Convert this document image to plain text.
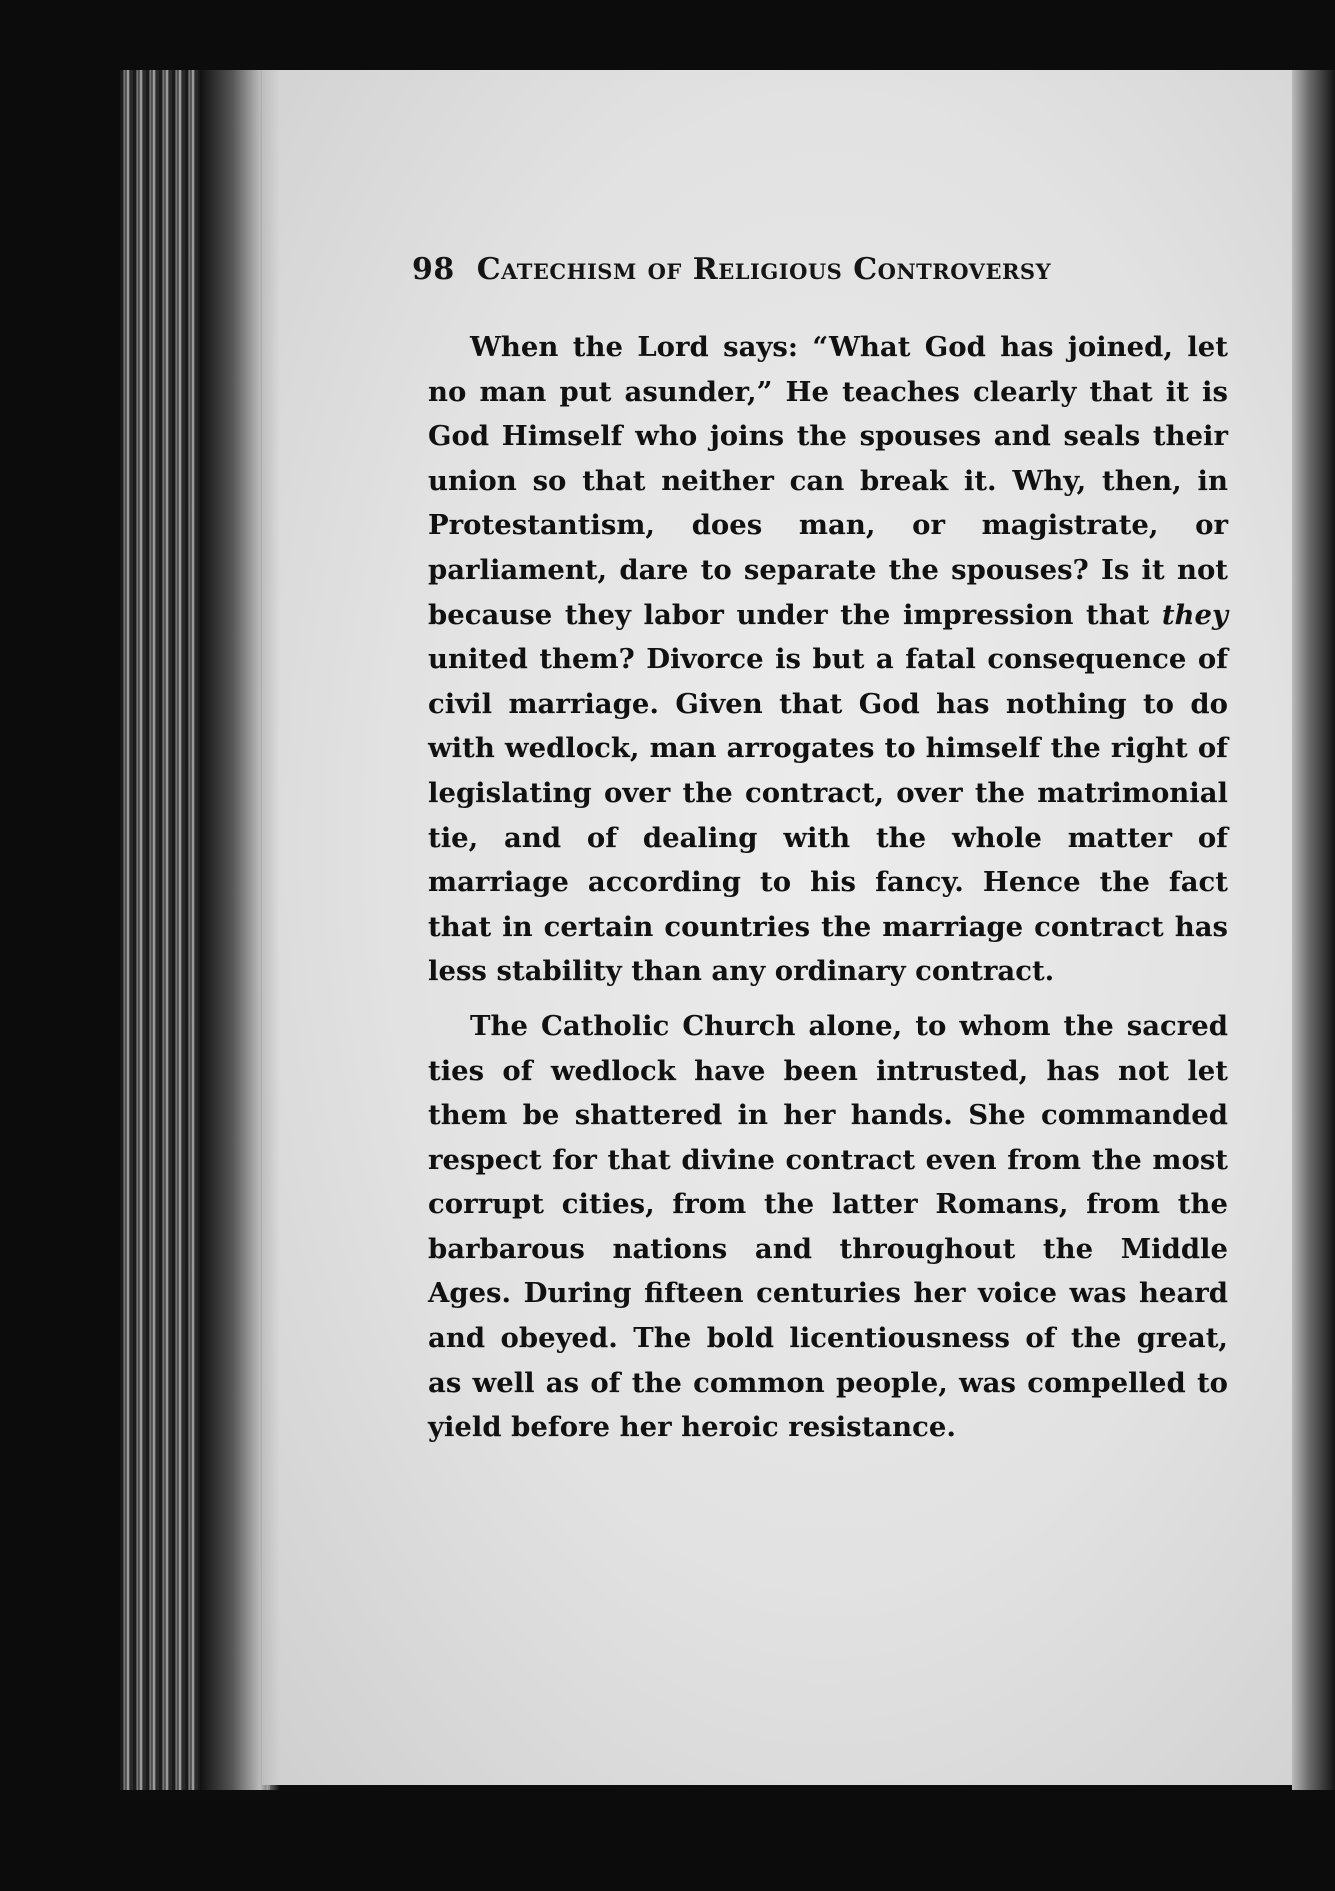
98 Catechism of Religious Controversy

When the Lord says: “What God has joined, let no man put asunder,” He teaches clearly that it is God Himself who joins the spouses and seals their union so that neither can break it. Why, then, in Protestantism, does man, or magistrate, or parliament, dare to separate the spouses? Is it not because they labor under the impression that they united them? Divorce is but a fatal consequence of civil marriage. Given that God has nothing to do with wedlock, man arrogates to himself the right of legislating over the contract, over the matrimonial tie, and of dealing with the whole matter of marriage according to his fancy. Hence the fact that in certain countries the marriage contract has less stability than any ordinary contract.

The Catholic Church alone, to whom the sacred ties of wedlock have been intrusted, has not let them be shattered in her hands. She commanded respect for that divine contract even from the most corrupt cities, from the latter Romans, from the barbarous nations and throughout the Middle Ages. During fifteen centuries her voice was heard and obeyed. The bold licentiousness of the great, as well as of the common people, was compelled to yield before her heroic resistance.
